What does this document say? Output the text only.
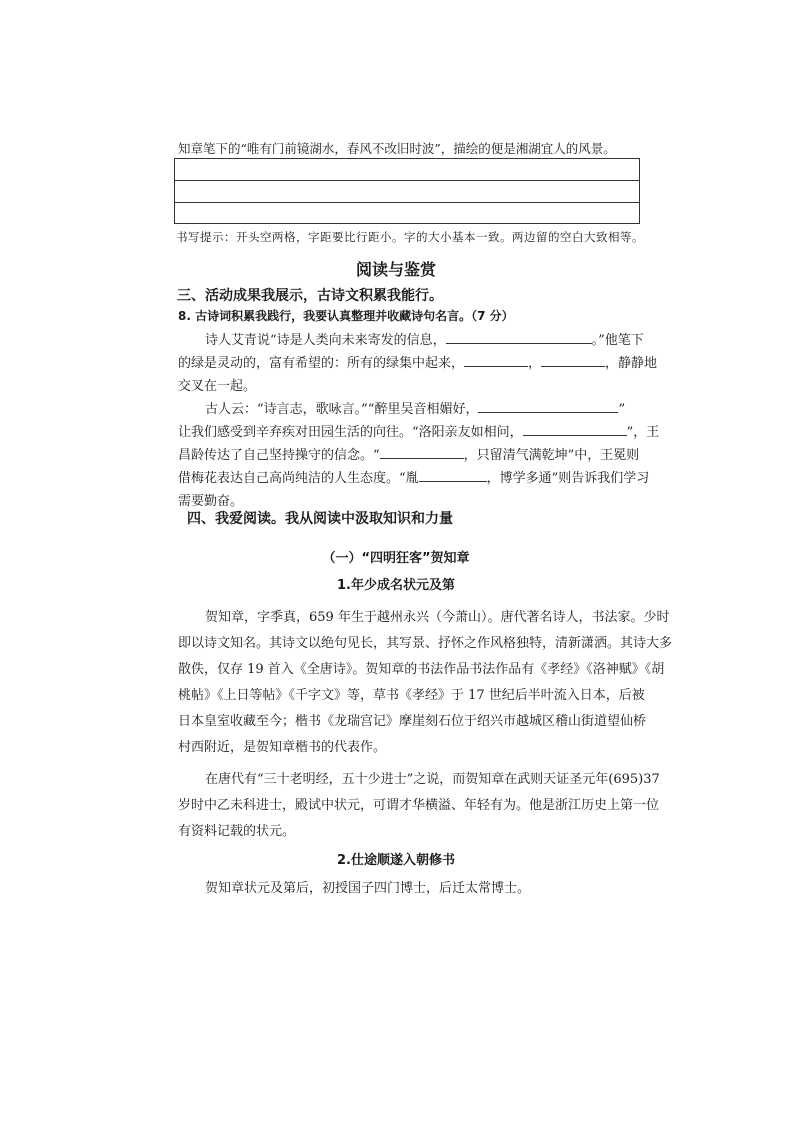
知章笔下的“唯有门前镜湖水，春风不改旧时波”，描绘的便是湘湖宜人的风景。
书写提示：开头空两格，字距要比行距小。字的大小基本一致。两边留的空白大致相等。
阅读与鉴赏
三、活动成果我展示，古诗文积累我能行。
8. 古诗词积累我践行，我要认真整理并收藏诗句名言。（7 分）
诗人艾青说“诗是人类向未来寄发的信息，	。”他笔下
的绿是灵动的，富有希望的：所有的绿集中起来，	，	，静静地
交叉在一起。
古人云：“诗言志，歌咏言。”“醉里吴音相媚好，	”
让我们感受到辛弃疾对田园生活的向往。“洛阳亲友如相问，	”，王
昌龄传达了自己坚持操守的信念。“	，只留清气满乾坤”中，王冕则
借梅花表达自己高尚纯洁的人生态度。“胤	，博学多通”则告诉我们学习
需要勤奋。
四、我爱阅读。我从阅读中汲取知识和力量
（一）“四明狂客”贺知章
1.年少成名状元及第
贺知章，字季真，659 年生于越州永兴（今萧山）。唐代著名诗人，书法家。少时
即以诗文知名。其诗文以绝句见长，其写景、抒怀之作风格独特，清新潇洒。其诗大多
散佚，仅存 19 首入《全唐诗》。贺知章的书法作品书法作品有《孝经》《洛神赋》《胡
桃帖》《上日等帖》《千字文》等，草书《孝经》于 17 世纪后半叶流入日本，后被
日本皇室收藏至今；楷书《龙瑞宫记》摩崖刻石位于绍兴市越城区稽山街道望仙桥
村西附近，是贺知章楷书的代表作。
在唐代有“三十老明经，五十少进士”之说，而贺知章在武则天证圣元年(695)37
岁时中乙未科进士，殿试中状元，可谓才华横溢、年轻有为。他是浙江历史上第一位
有资料记载的状元。
2.仕途顺遂入朝修书
贺知章状元及第后，初授国子四门博士，后迁太常博士。
